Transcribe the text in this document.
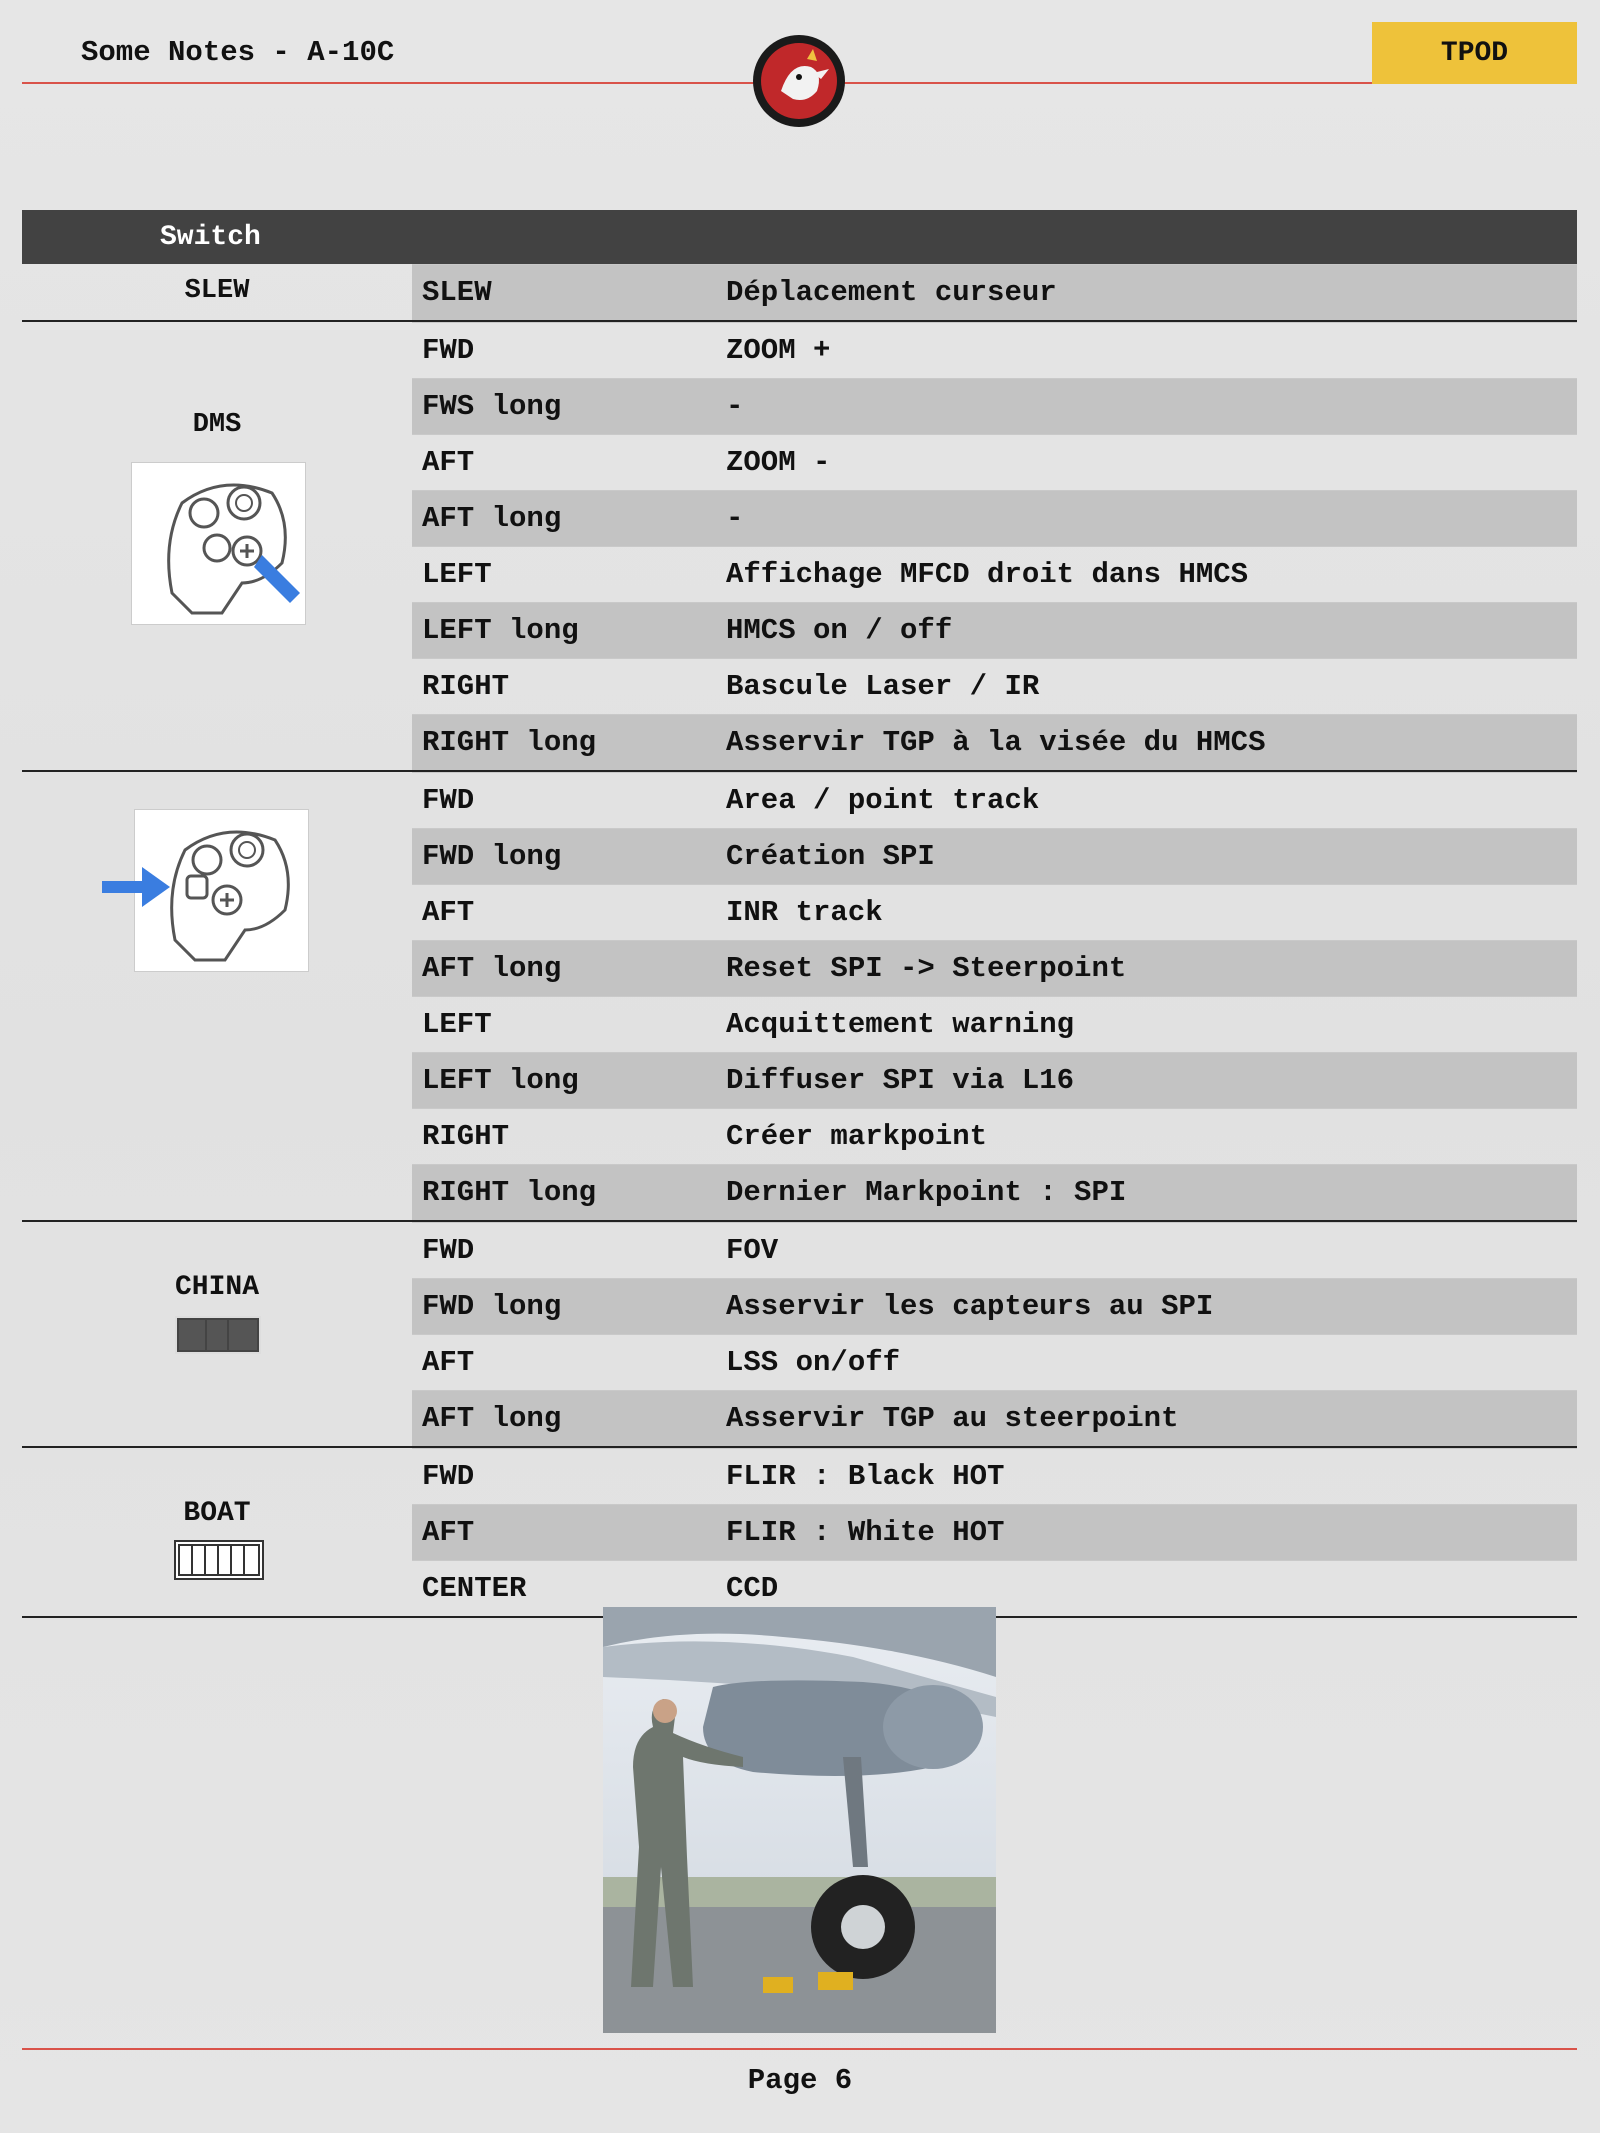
Some Notes - A-10C	TPOD
Switch
SLEW	SLEW	Déplacement curseur
DMS
FWD	ZOOM +
FWS long	-
AFT	ZOOM -
AFT long	-
LEFT	Affichage MFCD droit dans HMCS
LEFT long	HMCS on / off
RIGHT	Bascule Laser / IR
RIGHT long	Asservir TGP à la visée du HMCS
FWD	Area / point track
FWD long	Création SPI
AFT	INR track
AFT long	Reset SPI -> Steerpoint
LEFT	Acquittement warning
LEFT long	Diffuser SPI via L16
RIGHT	Créer markpoint
RIGHT long	Dernier Markpoint : SPI
CHINA
FWD	FOV
FWD long	Asservir les capteurs au SPI
AFT	LSS on/off
AFT long	Asservir TGP au steerpoint
BOAT
FWD	FLIR : Black HOT
AFT	FLIR : White HOT
CENTER	CCD
Page 6
